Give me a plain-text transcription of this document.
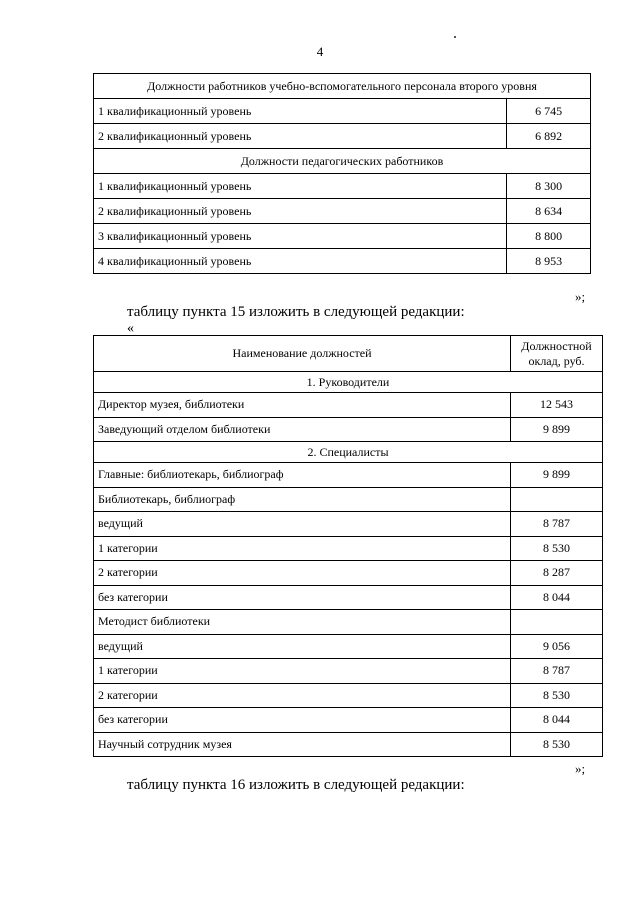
4
Должности работников учебно-вспомогательного персонала второго уровня	
1 квалификационный уровень	6 745
2 квалификационный уровень	6 892
Должности педагогических работников	
1 квалификационный уровень	8 300
2 квалификационный уровень	8 634
3 квалификационный уровень	8 800
4 квалификационный уровень	8 953
»;
таблицу пункта 15 изложить в следующей редакции:
«
Наименование должностей	Должностной оклад, руб.
1. Руководители	
Директор музея, библиотеки	12 543
Заведующий отделом библиотеки	9 899
2. Специалисты	
Главные: библиотекарь, библиограф	9 899
Библиотекарь, библиограф	
ведущий	8 787
1 категории	8 530
2 категории	8 287
без категории	8 044
Методист библиотеки	
ведущий	9 056
1 категории	8 787
2 категории	8 530
без категории	8 044
Научный сотрудник музея	8 530
»;
таблицу пункта 16 изложить в следующей редакции:
